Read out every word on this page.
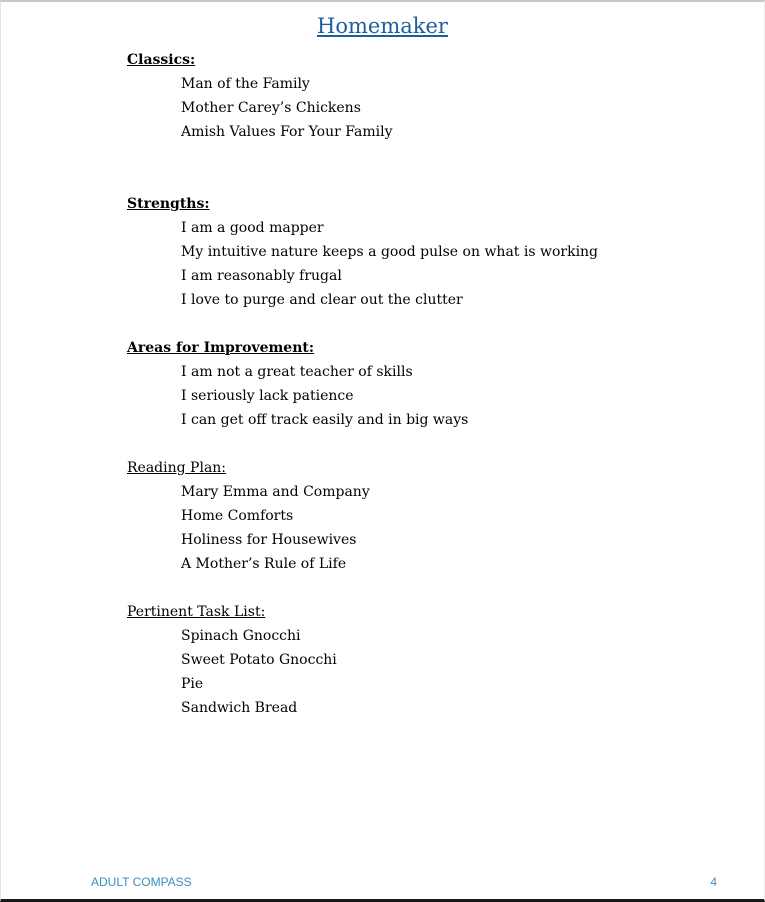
Homemaker
Classics:
Man of the Family
Mother Carey’s Chickens
Amish Values For Your Family
Strengths:
I am a good mapper
My intuitive nature keeps a good pulse on what is working
I am reasonably frugal
I love to purge and clear out the clutter
Areas for Improvement:
I am not a great teacher of skills
I seriously lack patience
I can get off track easily and in big ways
Reading Plan:
Mary Emma and Company
Home Comforts
Holiness for Housewives
A Mother’s Rule of Life
Pertinent Task List:
Spinach Gnocchi
Sweet Potato Gnocchi
Pie
Sandwich Bread
ADULT COMPASS	4
